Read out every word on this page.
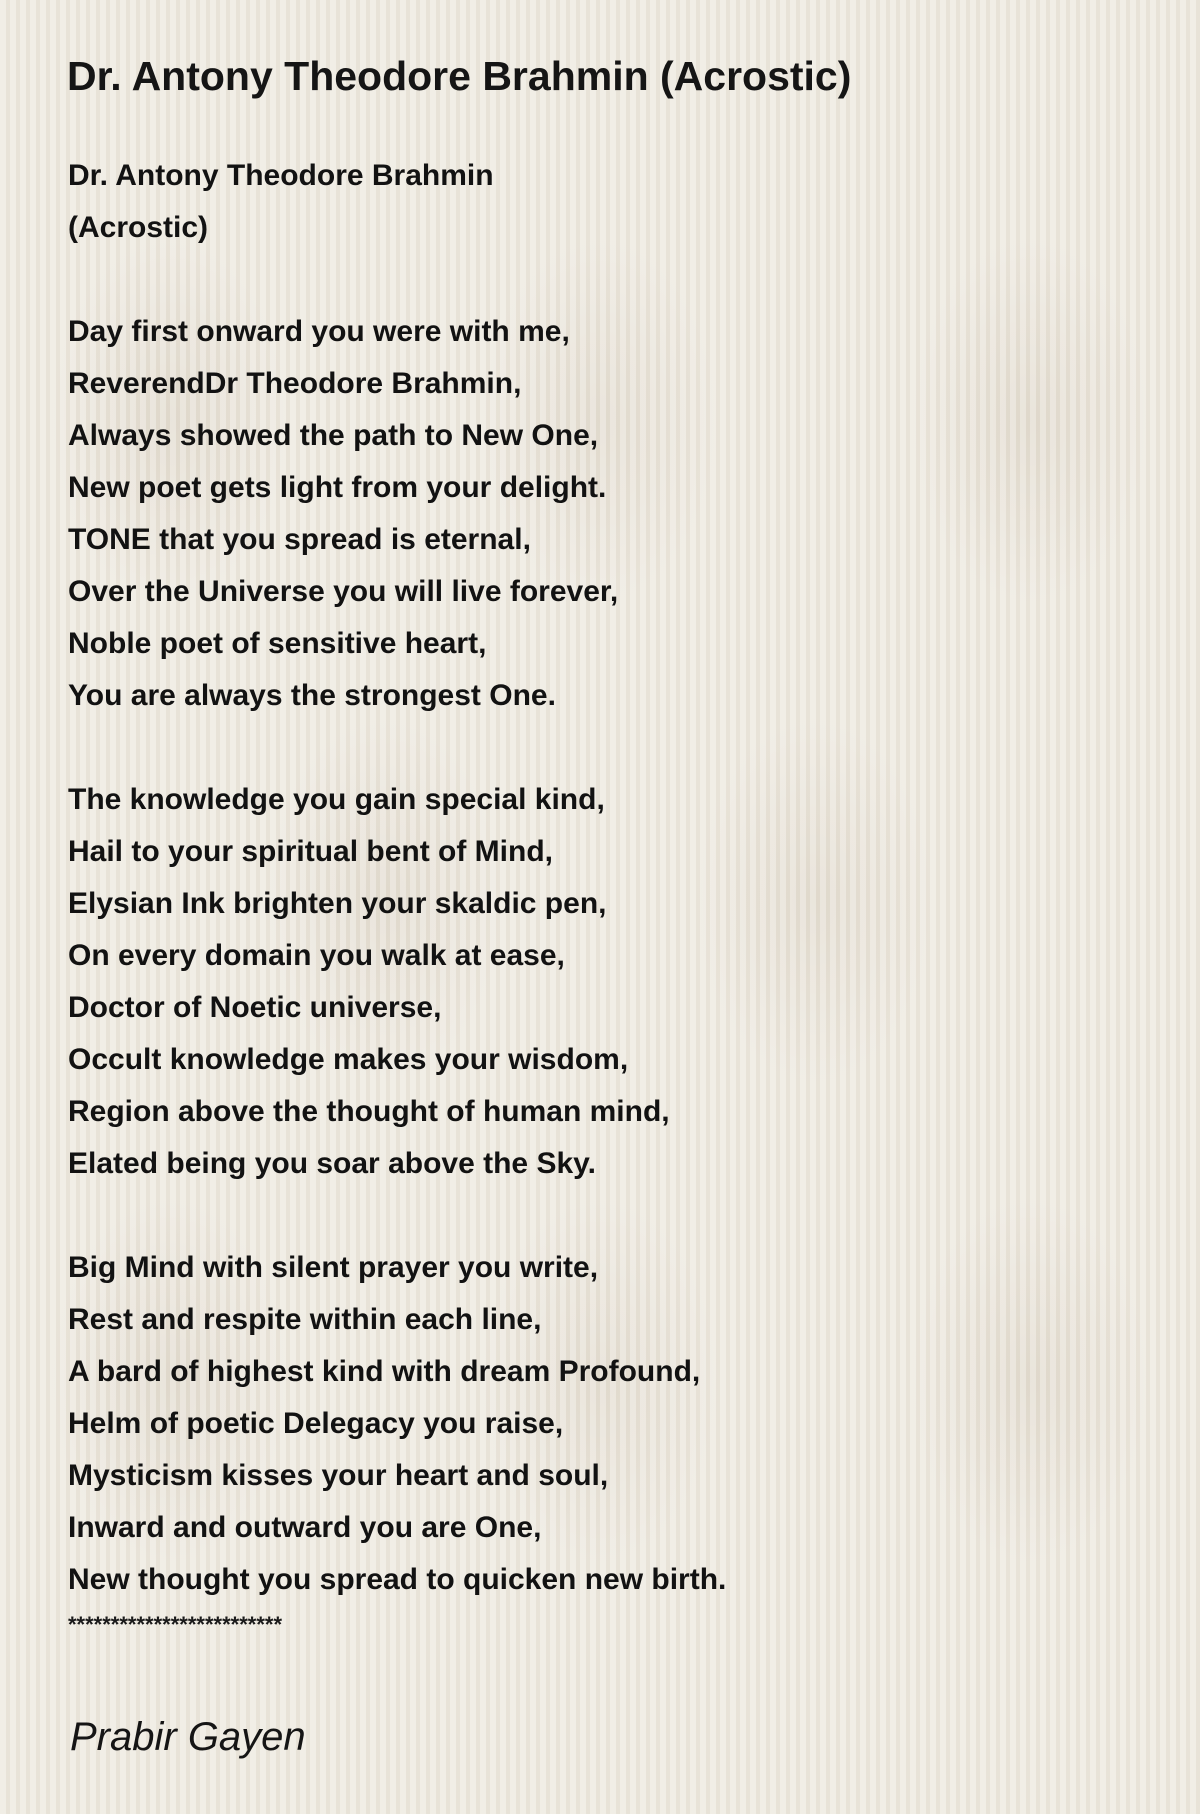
Dr. Antony Theodore Brahmin (Acrostic)
Dr. Antony Theodore Brahmin
(Acrostic)
Day first onward you were with me,
ReverendDr Theodore Brahmin,
Always showed the path to New One,
New poet gets light from your delight.
TONE that you spread is eternal,
Over the Universe you will live forever,
Noble poet of sensitive heart,
You are always the strongest One.
The knowledge you gain special kind,
Hail to your spiritual bent of Mind,
Elysian Ink brighten your skaldic pen,
On every domain you walk at ease,
Doctor of Noetic universe,
Occult knowledge makes your wisdom,
Region above the thought of human mind,
Elated being you soar above the Sky.
Big Mind with silent prayer you write,
Rest and respite within each line,
A bard of highest kind with dream Profound,
Helm of poetic Delegacy you raise,
Mysticism kisses your heart and soul,
Inward and outward you are One,
New thought you spread to quicken new birth.
*************************
Prabir Gayen
